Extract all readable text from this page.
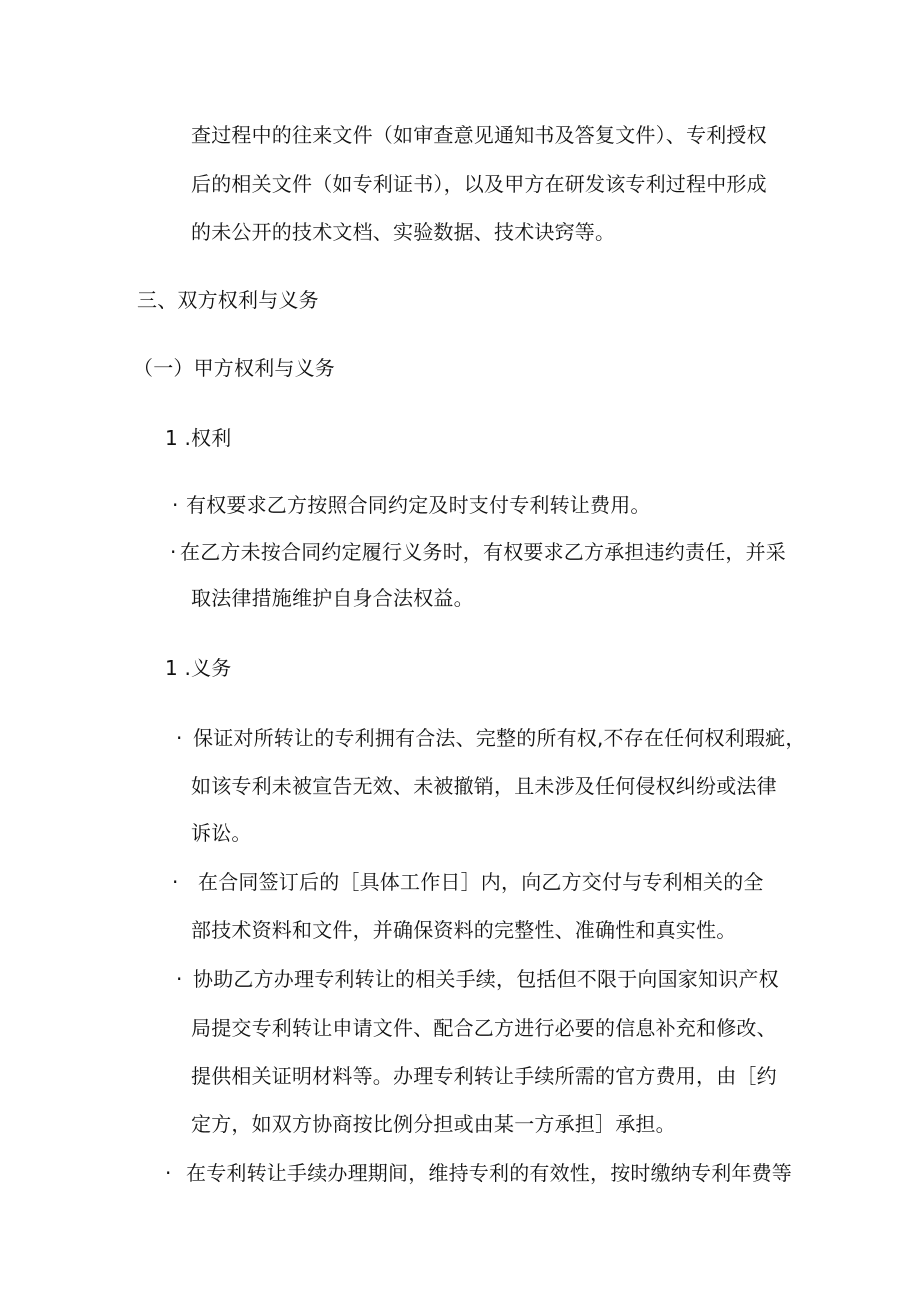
查过程中的往来文件（如审查意见通知书及答复文件）、专利授权
后的相关文件（如专利证书），以及甲方在研发该专利过程中形成
的未公开的技术文档、实验数据、技术诀窍等。
三、双方权利与义务
（一）甲方权利与义务
1 .权利
· 有权要求乙方按照合同约定及时支付专利转让费用。
· 在乙方未按合同约定履行义务时，有权要求乙方承担违约责任，并采
取法律措施维护自身合法权益。
1 .义务
· 保证对所转让的专利拥有合法、完整的所有权,不存在任何权利瑕疵，
如该专利未被宣告无效、未被撤销，且未涉及任何侵权纠纷或法律
诉讼。
· 在合同签订后的［具体工作日］内，向乙方交付与专利相关的全
部技术资料和文件，并确保资料的完整性、准确性和真实性。
· 协助乙方办理专利转让的相关手续，包括但不限于向国家知识产权
局提交专利转让申请文件、配合乙方进行必要的信息补充和修改、
提供相关证明材料等。办理专利转让手续所需的官方费用，由［约
定方，如双方协商按比例分担或由某一方承担］承担。
· 在专利转让手续办理期间，维持专利的有效性，按时缴纳专利年费等
